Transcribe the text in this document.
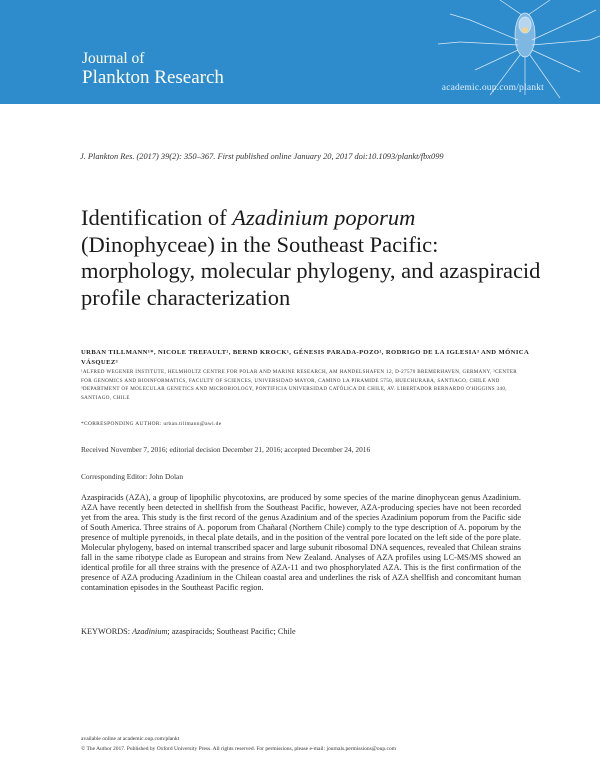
Journal of
Plankton Research	academic.oup.com/plankt
J. Plankton Res. (2017) 39(2): 350–367. First published online January 20, 2017 doi:10.1093/plankt/fbx099
Identification of Azadinium poporum (Dinophyceae) in the Southeast Pacific: morphology, molecular phylogeny, and azaspiracid profile characterization
URBAN TILLMANN¹*, NICOLE TREFAULT², BERND KROCK¹, GÉNESIS PARADA-POZO², RODRIGO DE LA IGLESIA³ AND MÓNICA VÁSQUEZ³
¹ALFRED WEGENER INSTITUTE, HELMHOLTZ CENTRE FOR POLAR AND MARINE RESEARCH, AM HANDELSHAFEN 12, D-27570 BREMERHAVEN, GERMANY, ²CENTER FOR GENOMICS AND BIOINFORMATICS, FACULTY OF SCIENCES, UNIVERSIDAD MAYOR, CAMINO LA PIRAMIDE 5750, HUECHURABA, SANTIAGO, CHILE AND ³DEPARTMENT OF MOLECULAR GENETICS AND MICROBIOLOGY, PONTIFICIA UNIVERSIDAD CATÓLICA DE CHILE, AV. LIBERTADOR BERNARDO O'HIGGINS 340, SANTIAGO, CHILE
*CORRESPONDING AUTHOR: urban.tillmann@awi.de
Received November 7, 2016; editorial decision December 21, 2016; accepted December 24, 2016
Corresponding Editor: John Dolan
Azaspiracids (AZA), a group of lipophilic phycotoxins, are produced by some species of the marine dinophycean genus Azadinium. AZA have recently been detected in shellfish from the Southeast Pacific, however, AZA-producing species have not been recorded yet from the area. This study is the first record of the genus Azadinium and of the species Azadinium poporum from the Pacific side of South America. Three strains of A. poporum from Chañaral (Northern Chile) comply to the type description of A. poporum by the presence of multiple pyrenoids, in thecal plate details, and in the position of the ventral pore located on the left side of the pore plate. Molecular phylogeny, based on internal transcribed spacer and large subunit ribosomal DNA sequences, revealed that Chilean strains fall in the same ribotype clade as European and strains from New Zealand. Analyses of AZA profiles using LC-MS/MS showed an identical profile for all three strains with the presence of AZA-11 and two phosphorylated AZA. This is the first confirmation of the presence of AZA producing Azadinium in the Chilean coastal area and underlines the risk of AZA shellfish and concomitant human contamination episodes in the Southeast Pacific region.
KEYWORDS: Azadinium; azaspiracids; Southeast Pacific; Chile
available online at academic.oup.com/plankt
© The Author 2017. Published by Oxford University Press. All rights reserved. For permissions, please e-mail: journals.permissions@oup.com
